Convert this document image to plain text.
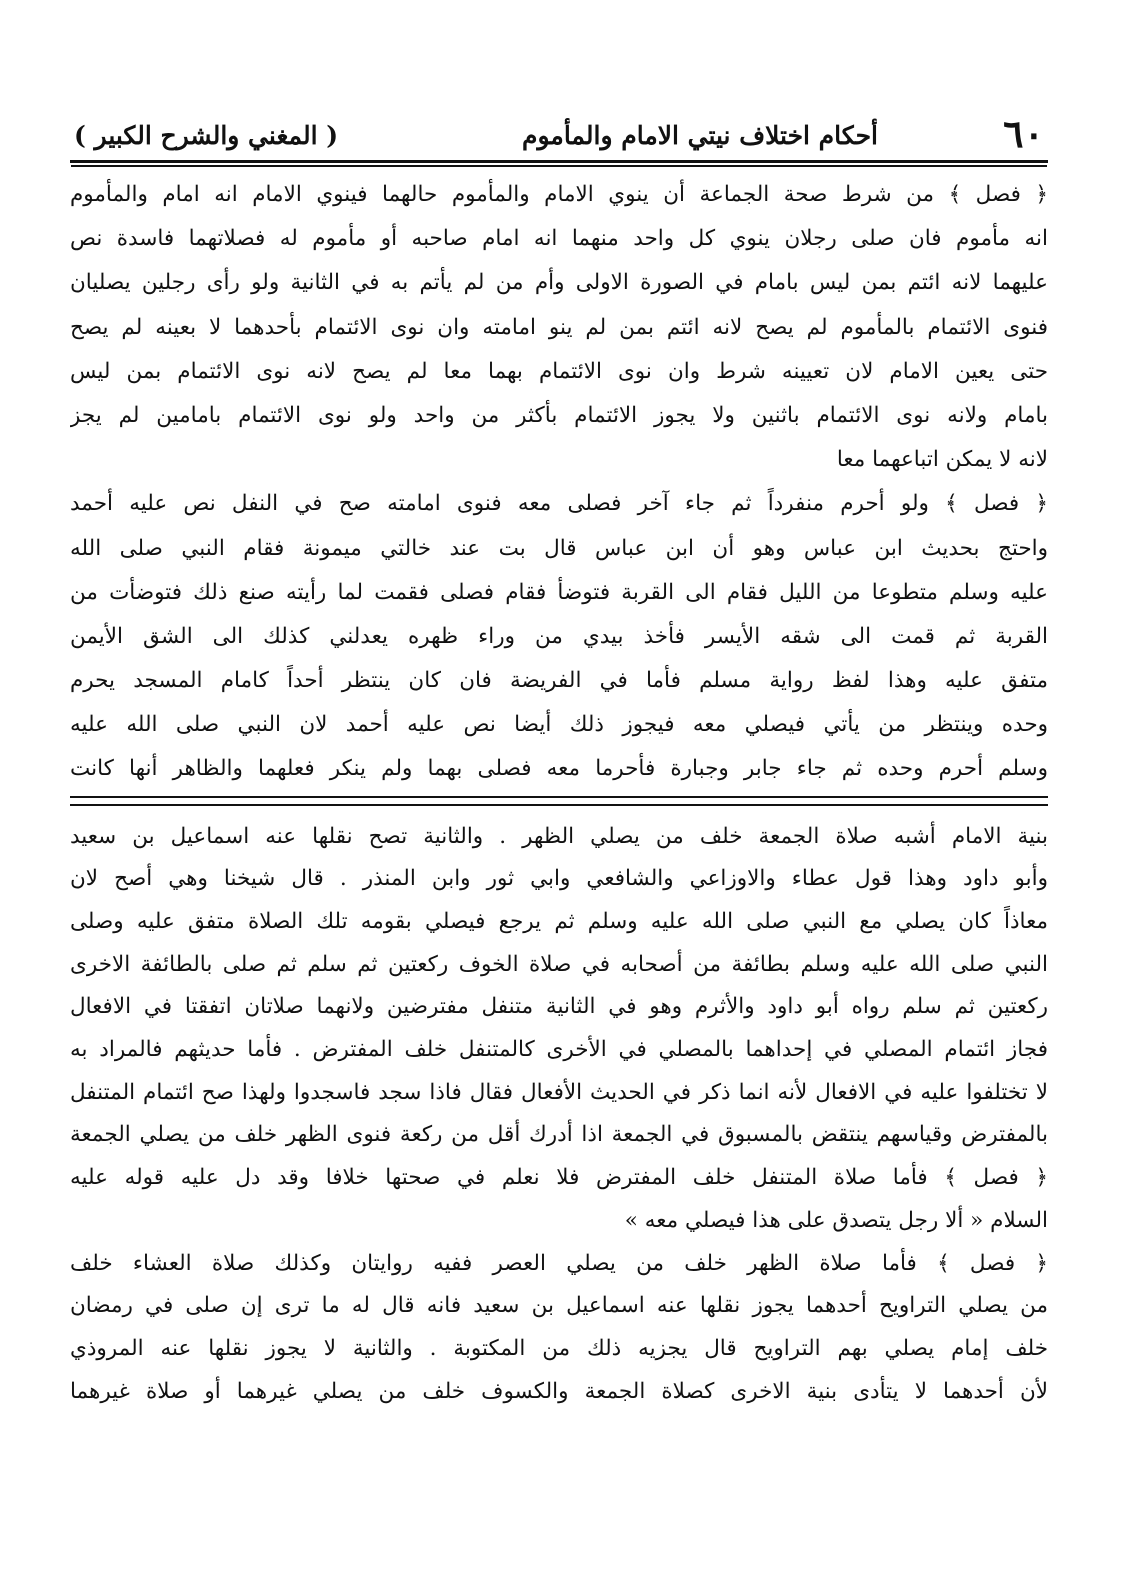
٦٠
أحكام اختلاف نيتي الامام والمأموم
( المغني والشرح الكبير )
﴿ فصل ﴾ من شرط صحة الجماعة أن ينوي الامام والمأموم حالهما فينوي الامام انه امام والمأموم
انه مأموم فان صلى رجلان ينوي كل واحد منهما انه امام صاحبه أو مأموم له فصلاتهما فاسدة نص
عليهما لانه ائتم بمن ليس بامام في الصورة الاولى وأم من لم يأتم به في الثانية ولو رأى رجلين يصليان
فنوى الائتمام بالمأموم لم يصح لانه ائتم بمن لم ينو امامته وان نوى الائتمام بأحدهما لا بعينه لم يصح
حتى يعين الامام لان تعيينه شرط وان نوى الائتمام بهما معا لم يصح لانه نوى الائتمام بمن ليس
بامام ولانه نوى الائتمام باثنين ولا يجوز الائتمام بأكثر من واحد ولو نوى الائتمام بامامين لم يجز
لانه لا يمكن اتباعهما معا
﴿ فصل ﴾ ولو أحرم منفرداً ثم جاء آخر فصلى معه فنوى امامته صح في النفل نص عليه أحمد
واحتج بحديث ابن عباس وهو أن ابن عباس قال بت عند خالتي ميمونة فقام النبي صلى الله
عليه وسلم متطوعا من الليل فقام الى القربة فتوضأ فقام فصلى فقمت لما رأيته صنع ذلك فتوضأت من
القربة ثم قمت الى شقه الأيسر فأخذ بيدي من وراء ظهره يعدلني كذلك الى الشق الأيمن
متفق عليه وهذا لفظ رواية مسلم فأما في الفريضة فان كان ينتظر أحداً كامام المسجد يحرم
وحده وينتظر من يأتي فيصلي معه فيجوز ذلك أيضا نص عليه أحمد لان النبي صلى الله عليه
وسلم أحرم وحده ثم جاء جابر وجبارة فأحرما معه فصلى بهما ولم ينكر فعلهما والظاهر أنها كانت
بنية الامام أشبه صلاة الجمعة خلف من يصلي الظهر . والثانية تصح نقلها عنه اسماعيل بن سعيد
وأبو داود وهذا قول عطاء والاوزاعي والشافعي وابي ثور وابن المنذر . قال شيخنا وهي أصح لان
معاذاً كان يصلي مع النبي صلى الله عليه وسلم ثم يرجع فيصلي بقومه تلك الصلاة متفق عليه وصلى
النبي صلى الله عليه وسلم بطائفة من أصحابه في صلاة الخوف ركعتين ثم سلم ثم صلى بالطائفة الاخرى
ركعتين ثم سلم رواه أبو داود والأثرم وهو في الثانية متنفل مفترضين ولانهما صلاتان اتفقتا في الافعال
فجاز ائتمام المصلي في إحداهما بالمصلي في الأخرى كالمتنفل خلف المفترض . فأما حديثهم فالمراد به
لا تختلفوا عليه في الافعال لأنه انما ذكر في الحديث الأفعال فقال فاذا سجد فاسجدوا ولهذا صح ائتمام المتنفل
بالمفترض وقياسهم ينتقض بالمسبوق في الجمعة اذا أدرك أقل من ركعة فنوى الظهر خلف من يصلي الجمعة
﴿ فصل ﴾ فأما صلاة المتنفل خلف المفترض فلا نعلم في صحتها خلافا وقد دل عليه قوله عليه
السلام « ألا رجل يتصدق على هذا فيصلي معه »
﴿ فصل ﴾ فأما صلاة الظهر خلف من يصلي العصر ففيه روايتان وكذلك صلاة العشاء خلف
من يصلي التراويح أحدهما يجوز نقلها عنه اسماعيل بن سعيد فانه قال له ما ترى إن صلى في رمضان
خلف إمام يصلي بهم التراويح قال يجزيه ذلك من المكتوبة . والثانية لا يجوز نقلها عنه المروذي
لأن أحدهما لا يتأدى بنية الاخرى كصلاة الجمعة والكسوف خلف من يصلي غيرهما أو صلاة غيرهما
